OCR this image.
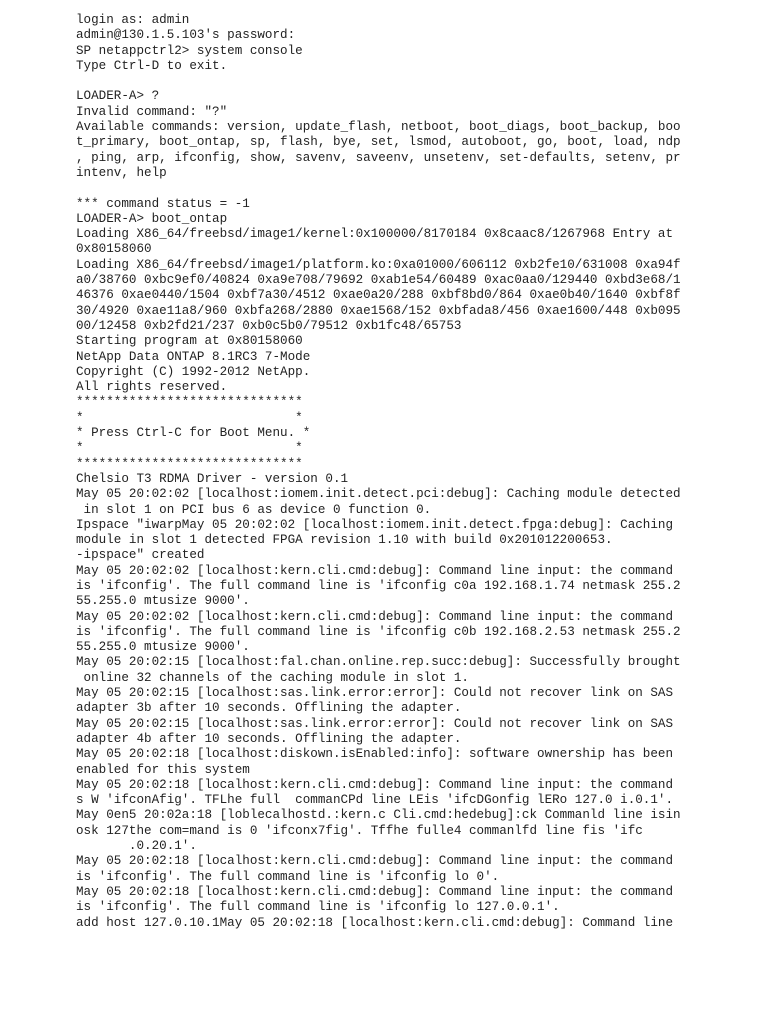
login as: admin
admin@130.1.5.103's password:
SP netappctrl2> system console
Type Ctrl-D to exit.
LOADER-A> ?
Invalid command: "?"
Available commands: version, update_flash, netboot, boot_diags, boot_backup, boo
t_primary, boot_ontap, sp, flash, bye, set, lsmod, autoboot, go, boot, load, ndp
, ping, arp, ifconfig, show, savenv, saveenv, unsetenv, set-defaults, setenv, pr
intenv, help
*** command status = -1
LOADER-A> boot_ontap
Loading X86_64/freebsd/image1/kernel:0x100000/8170184 0x8caac8/1267968 Entry at
0x80158060
Loading X86_64/freebsd/image1/platform.ko:0xa01000/606112 0xb2fe10/631008 0xa94f
a0/38760 0xbc9ef0/40824 0xa9e708/79692 0xab1e54/60489 0xac0aa0/129440 0xbd3e68/1
46376 0xae0440/1504 0xbf7a30/4512 0xae0a20/288 0xbf8bd0/864 0xae0b40/1640 0xbf8f
30/4920 0xae11a8/960 0xbfa268/2880 0xae1568/152 0xbfada8/456 0xae1600/448 0xb095
00/12458 0xb2fd21/237 0xb0c5b0/79512 0xb1fc48/65753
Starting program at 0x80158060
NetApp Data ONTAP 8.1RC3 7-Mode
Copyright (C) 1992-2012 NetApp.
All rights reserved.
******************************
*                            *
* Press Ctrl-C for Boot Menu. *
*                            *
******************************
Chelsio T3 RDMA Driver - version 0.1
May 05 20:02:02 [localhost:iomem.init.detect.pci:debug]: Caching module detected
in slot 1 on PCI bus 6 as device 0 function 0.
Ipspace "iwarpMay 05 20:02:02 [localhost:iomem.init.detect.fpga:debug]: Caching
module in slot 1 detected FPGA revision 1.10 with build 0x201012200653.
-ipspace" created
May 05 20:02:02 [localhost:kern.cli.cmd:debug]: Command line input: the command
is 'ifconfig'. The full command line is 'ifconfig c0a 192.168.1.74 netmask 255.2
55.255.0 mtusize 9000'.
May 05 20:02:02 [localhost:kern.cli.cmd:debug]: Command line input: the command
is 'ifconfig'. The full command line is 'ifconfig c0b 192.168.2.53 netmask 255.2
55.255.0 mtusize 9000'.
May 05 20:02:15 [localhost:fal.chan.online.rep.succ:debug]: Successfully brought
online 32 channels of the caching module in slot 1.
May 05 20:02:15 [localhost:sas.link.error:error]: Could not recover link on SAS
adapter 3b after 10 seconds. Offlining the adapter.
May 05 20:02:15 [localhost:sas.link.error:error]: Could not recover link on SAS
adapter 4b after 10 seconds. Offlining the adapter.
May 05 20:02:18 [localhost:diskown.isEnabled:info]: software ownership has been
enabled for this system
May 05 20:02:18 [localhost:kern.cli.cmd:debug]: Command line input: the command
s W 'ifconAfig'. TFLhe full  commanCPd line LEis 'ifcDGonfig lERo 127.0 i.0.1'.
May 0en5 20:02a:18 [loblecalhostd.:kern.c Cli.cmd:hedebug]:ck Commanld line isin
osk 127the com=mand is 0 'ifconx7fig'. Tffhe fulle4 commanlfd line fis 'ifc
.0.20.1'.
May 05 20:02:18 [localhost:kern.cli.cmd:debug]: Command line input: the command
is 'ifconfig'. The full command line is 'ifconfig lo 0'.
May 05 20:02:18 [localhost:kern.cli.cmd:debug]: Command line input: the command
is 'ifconfig'. The full command line is 'ifconfig lo 127.0.0.1'.
add host 127.0.10.1May 05 20:02:18 [localhost:kern.cli.cmd:debug]: Command line
